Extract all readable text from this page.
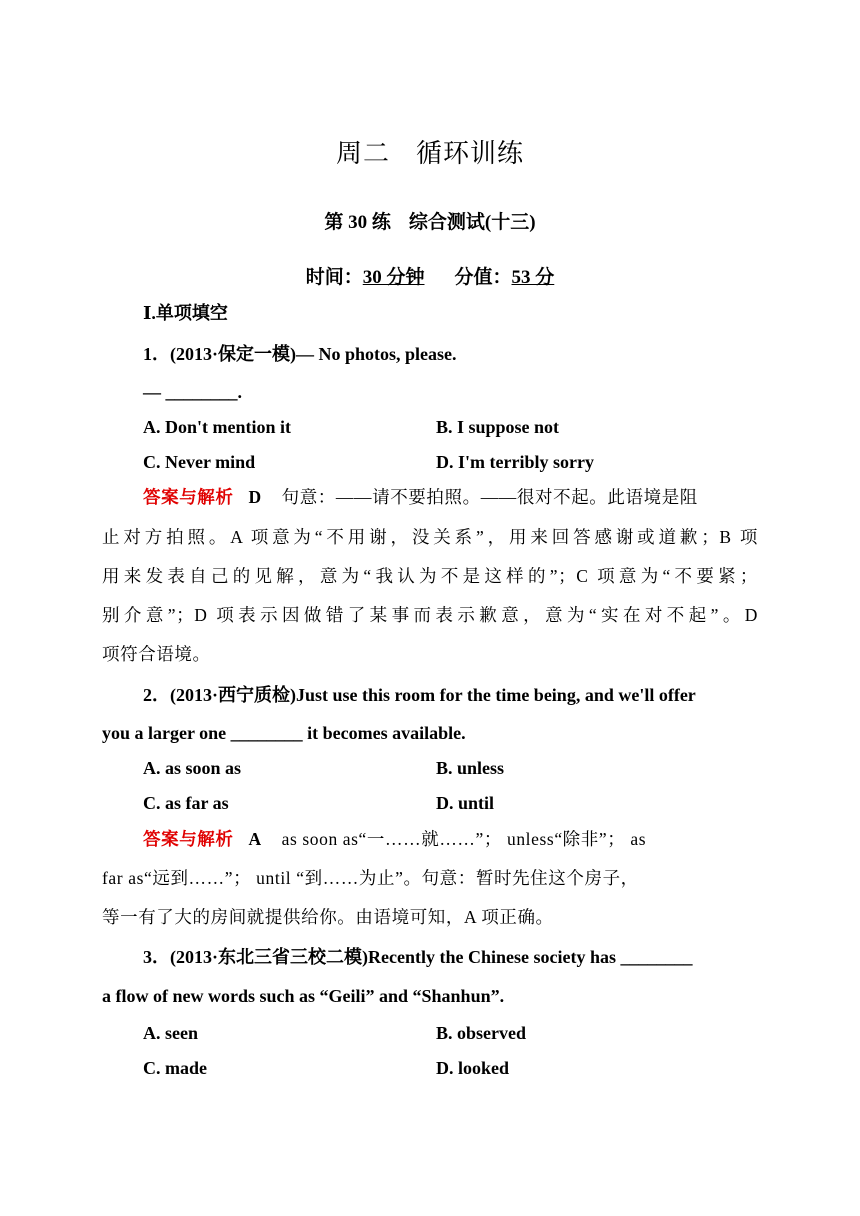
周二 循环训练
第 30 练 综合测试(十三)
时间：30 分钟 分值：53 分
Ⅰ.单项填空
1．(2013·保定一模)— No photos, please.
— ________.
A. Don't mention it	B. I suppose not
C. Never mind	D. I'm terribly sorry
答案与解析 D 句意：——请不要拍照。——很对不起。此语境是阻
止对方拍照。A 项意为“不用谢，没关系”，用来回答感谢或道歉；B 项
用来发表自己的见解，意为“我认为不是这样的”；C 项意为“不要紧；
别介意”；D 项表示因做错了某事而表示歉意，意为“实在对不起”。D
项符合语境。
2．(2013·西宁质检)Just use this room for the time being, and we'll offer
you a larger one ________ it becomes available.
A. as soon as	B. unless
C. as far as	D. until
答案与解析 A as soon as“一……就……”； unless“除非”； as
far as“远到……”； until “到……为止”。句意：暂时先住这个房子，
等一有了大的房间就提供给你。由语境可知，A 项正确。
3．(2013·东北三省三校二模)Recently the Chinese society has ________
a flow of new words such as “Geili” and “Shanhun”.
A. seen	B. observed
C. made	D. looked
